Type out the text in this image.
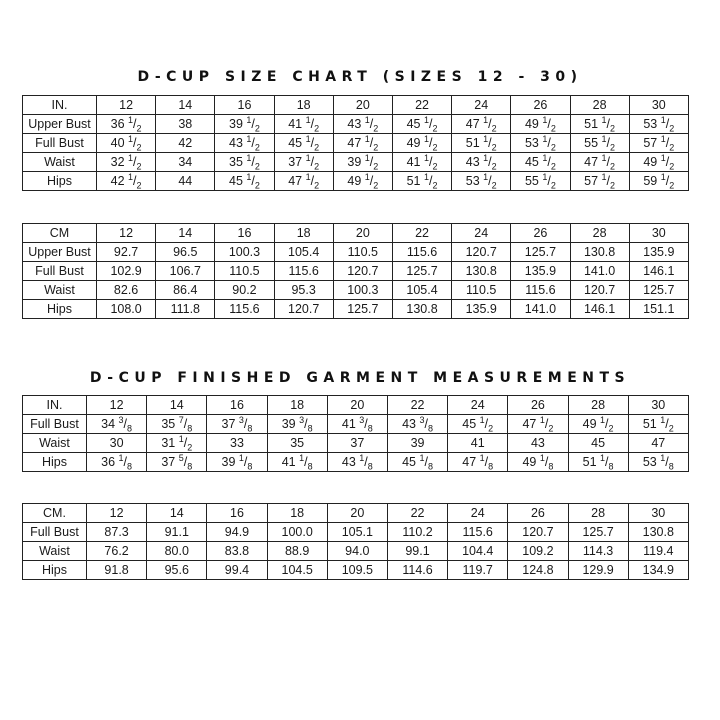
D-CUP SIZE CHART (SIZES 12 - 30)
IN.	12	14	16	18	20	22	24	26	28	30
Upper Bust	36 $^1/_2$	38	39 $^1/_2$	41 $^1/_2$	43 $^1/_2$	45 $^1/_2$	47 $^1/_2$	49 $^1/_2$	51 $^1/_2$	53 $^1/_2$
Full Bust	40 $^1/_2$	42	43 $^1/_2$	45 $^1/_2$	47 $^1/_2$	49 $^1/_2$	51 $^1/_2$	53 $^1/_2$	55 $^1/_2$	57 $^1/_2$
Waist	32 $^1/_2$	34	35 $^1/_2$	37 $^1/_2$	39 $^1/_2$	41 $^1/_2$	43 $^1/_2$	45 $^1/_2$	47 $^1/_2$	49 $^1/_2$
Hips	42 $^1/_2$	44	45 $^1/_2$	47 $^1/_2$	49 $^1/_2$	51 $^1/_2$	53 $^1/_2$	55 $^1/_2$	57 $^1/_2$	59 $^1/_2$
CM	12	14	16	18	20	22	24	26	28	30
Upper Bust	92.7	96.5	100.3	105.4	110.5	115.6	120.7	125.7	130.8	135.9
Full Bust	102.9	106.7	110.5	115.6	120.7	125.7	130.8	135.9	141.0	146.1
Waist	82.6	86.4	90.2	95.3	100.3	105.4	110.5	115.6	120.7	125.7
Hips	108.0	111.8	115.6	120.7	125.7	130.8	135.9	141.0	146.1	151.1
D-CUP FINISHED GARMENT MEASUREMENTS
IN.	12	14	16	18	20	22	24	26	28	30
Full Bust	34 $^3/_8$	35 $^7/_8$	37 $^3/_8$	39 $^3/_8$	41 $^3/_8$	43 $^3/_8$	45 $^1/_2$	47 $^1/_2$	49 $^1/_2$	51 $^1/_2$
Waist	30	31 $^1/_2$	33	35	37	39	41	43	45	47
Hips	36 $^1/_8$	37 $^5/_8$	39 $^1/_8$	41 $^1/_8$	43 $^1/_8$	45 $^1/_8$	47 $^1/_8$	49 $^1/_8$	51 $^1/_8$	53 $^1/_8$
CM.	12	14	16	18	20	22	24	26	28	30
Full Bust	87.3	91.1	94.9	100.0	105.1	110.2	115.6	120.7	125.7	130.8
Waist	76.2	80.0	83.8	88.9	94.0	99.1	104.4	109.2	114.3	119.4
Hips	91.8	95.6	99.4	104.5	109.5	114.6	119.7	124.8	129.9	134.9
